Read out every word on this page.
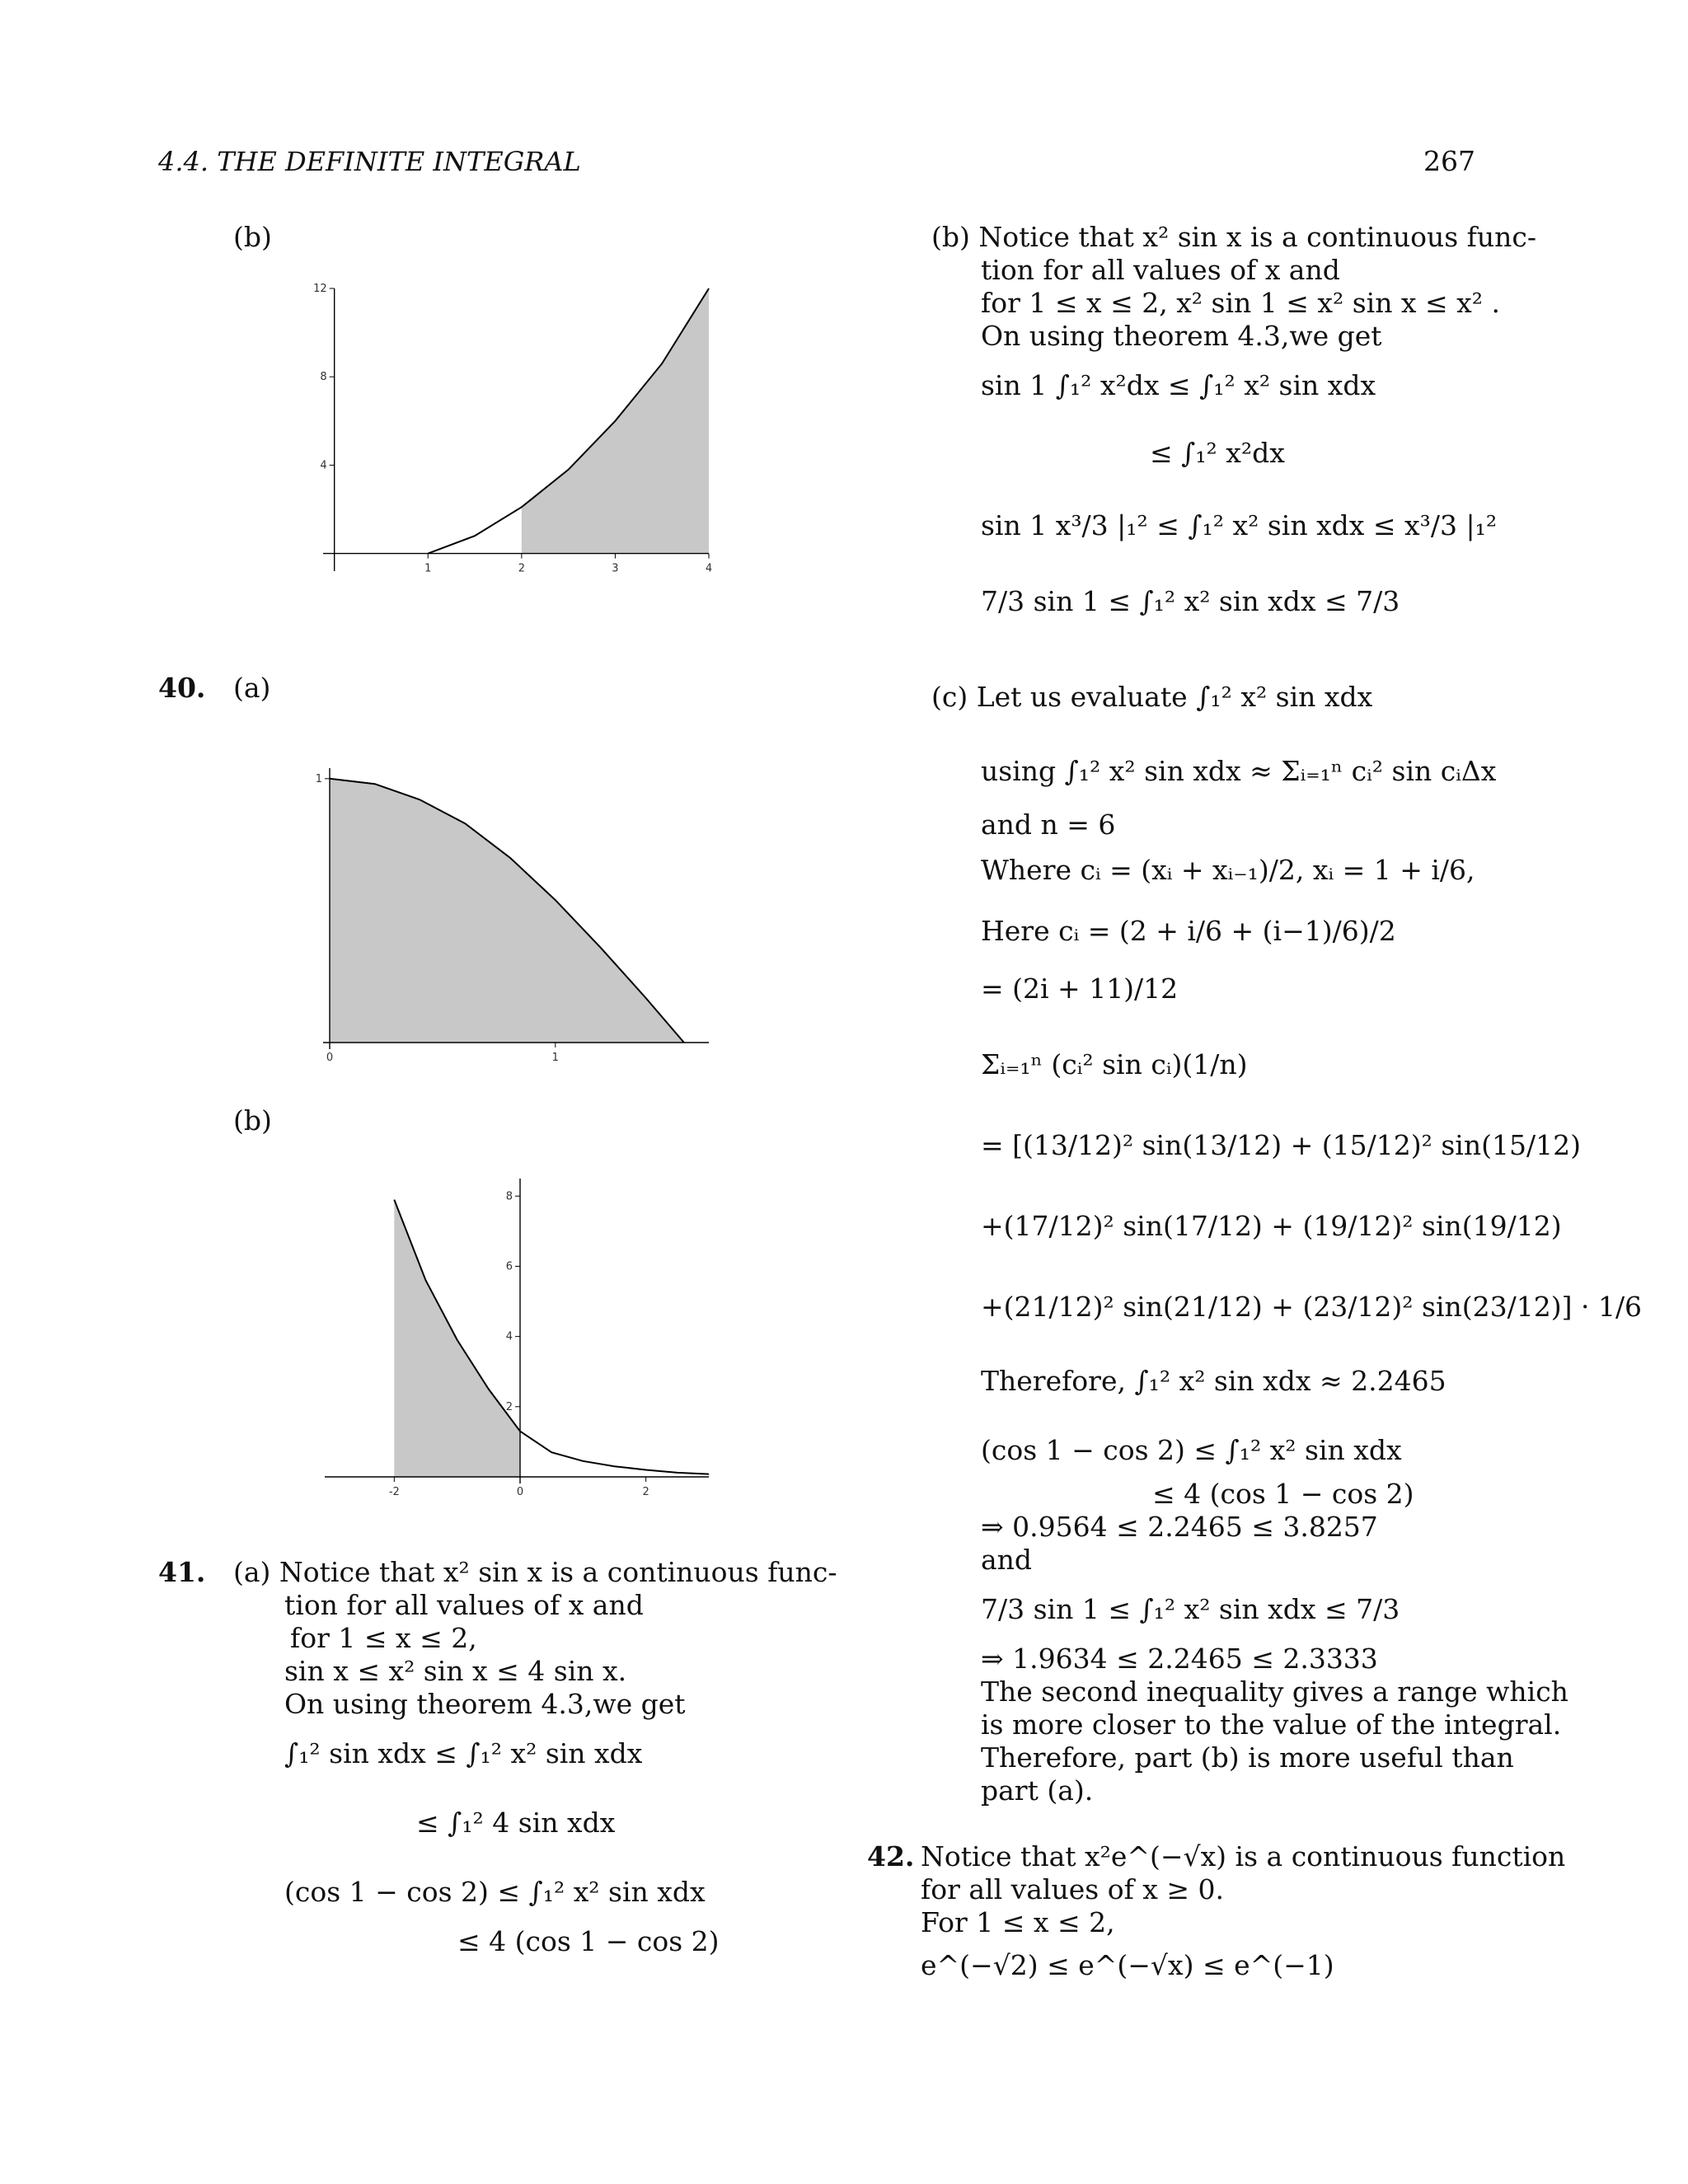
4.4. THE DEFINITE INTEGRAL	267
(b)
40. (a)
(b)
1	2	3	4
4
8
12
0	1
1
-2	0	2
2
4
6
8
41. (a) Notice that x² sin x is a continuous func-
tion for all values of x and
for 1 ≤ x ≤ 2,
sin x ≤ x² sin x ≤ 4 sin x.
On using theorem 4.3,we get
∫₁² sin xdx ≤ ∫₁² x² sin xdx
≤ ∫₁² 4 sin xdx
(cos 1 − cos 2) ≤ ∫₁² x² sin xdx
≤ 4 (cos 1 − cos 2)
(b) Notice that x² sin x is a continuous func-
tion for all values of x and
for 1 ≤ x ≤ 2, x² sin 1 ≤ x² sin x ≤ x² .
On using theorem 4.3,we get
sin 1 ∫₁² x²dx ≤ ∫₁² x² sin xdx
≤ ∫₁² x²dx
sin 1 x³/3 |₁² ≤ ∫₁² x² sin xdx ≤ x³/3 |₁²
7/3 sin 1 ≤ ∫₁² x² sin xdx ≤ 7/3
(c) Let us evaluate ∫₁² x² sin xdx
using ∫₁² x² sin xdx ≈ Σᵢ₌₁ⁿ cᵢ² sin cᵢΔx
and n = 6
Where cᵢ = (xᵢ + xᵢ₋₁)/2, xᵢ = 1 + i/6,
Here cᵢ = (2 + i/6 + (i−1)/6)/2
= (2i + 11)/12
Σᵢ₌₁ⁿ (cᵢ² sin cᵢ)(1/n)
= [(13/12)² sin(13/12) + (15/12)² sin(15/12)
+(17/12)² sin(17/12) + (19/12)² sin(19/12)
+(21/12)² sin(21/12) + (23/12)² sin(23/12)] · 1/6
Therefore, ∫₁² x² sin xdx ≈ 2.2465
(cos 1 − cos 2) ≤ ∫₁² x² sin xdx
≤ 4 (cos 1 − cos 2)
⇒ 0.9564 ≤ 2.2465 ≤ 3.8257
and
7/3 sin 1 ≤ ∫₁² x² sin xdx ≤ 7/3
⇒ 1.9634 ≤ 2.2465 ≤ 2.3333
The second inequality gives a range which
is more closer to the value of the integral.
Therefore, part (b) is more useful than
part (a).
42. Notice that x²e^(−√x) is a continuous function
for all values of x ≥ 0.
For 1 ≤ x ≤ 2,
e^(−√2) ≤ e^(−√x) ≤ e^(−1)
